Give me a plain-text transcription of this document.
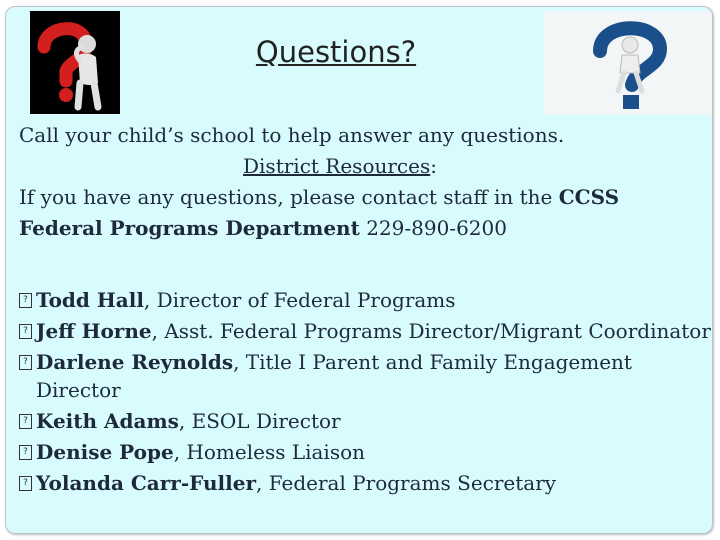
Questions?
Call your child’s school to help answer any questions.
District Resources:
If you have any questions, please contact staff in the CCSS
Federal Programs Department 229-890-6200
? Todd Hall, Director of Federal Programs
? Jeff Horne, Asst. Federal Programs Director/Migrant Coordinator
? Darlene Reynolds, Title I Parent and Family Engagement Director
? Keith Adams, ESOL Director
? Denise Pope, Homeless Liaison
? Yolanda Carr-Fuller, Federal Programs Secretary
